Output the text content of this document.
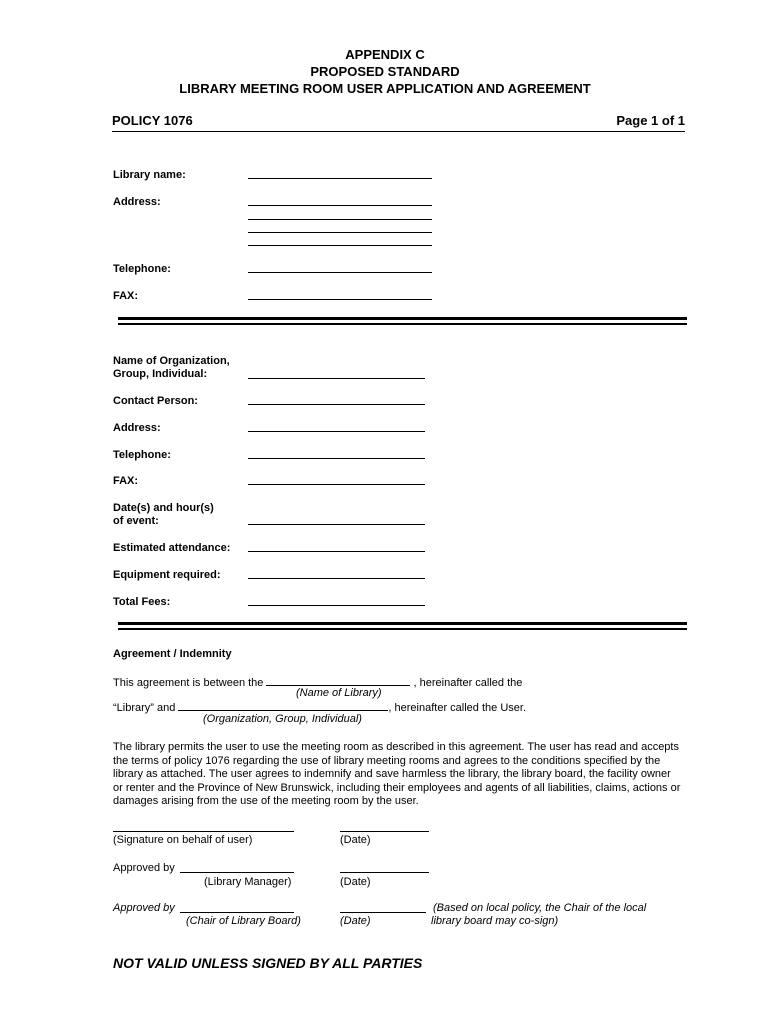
APPENDIX C
PROPOSED STANDARD
LIBRARY MEETING ROOM USER APPLICATION AND AGREEMENT
POLICY 1076	Page 1 of 1
Library name:
Address:
Telephone:
FAX:
Name of Organization,
Group, Individual:
Contact Person:
Address:
Telephone:
FAX:
Date(s) and hour(s)
of event:
Estimated attendance:
Equipment required:
Total Fees:
Agreement / Indemnity
This agreement is between the	, hereinafter called the
(Name of Library)
“Library” and	, hereinafter called the User.
(Organization, Group, Individual)
The library permits the user to use the meeting room as described in this agreement. The user has read and accepts
the terms of policy 1076 regarding the use of library meeting rooms and agrees to the conditions specified by the
library as attached. The user agrees to indemnify and save harmless the library, the library board, the facility owner
or renter and the Province of New Brunswick, including their employees and agents of all liabilities, claims, actions or
damages arising from the use of the meeting room by the user.
(Signature on behalf of user)	(Date)
Approved by
(Library Manager)	(Date)
Approved by
(Chair of Library Board)	(Date)
(Based on local policy, the Chair of the local
library board may co-sign)
NOT VALID UNLESS SIGNED BY ALL PARTIES
